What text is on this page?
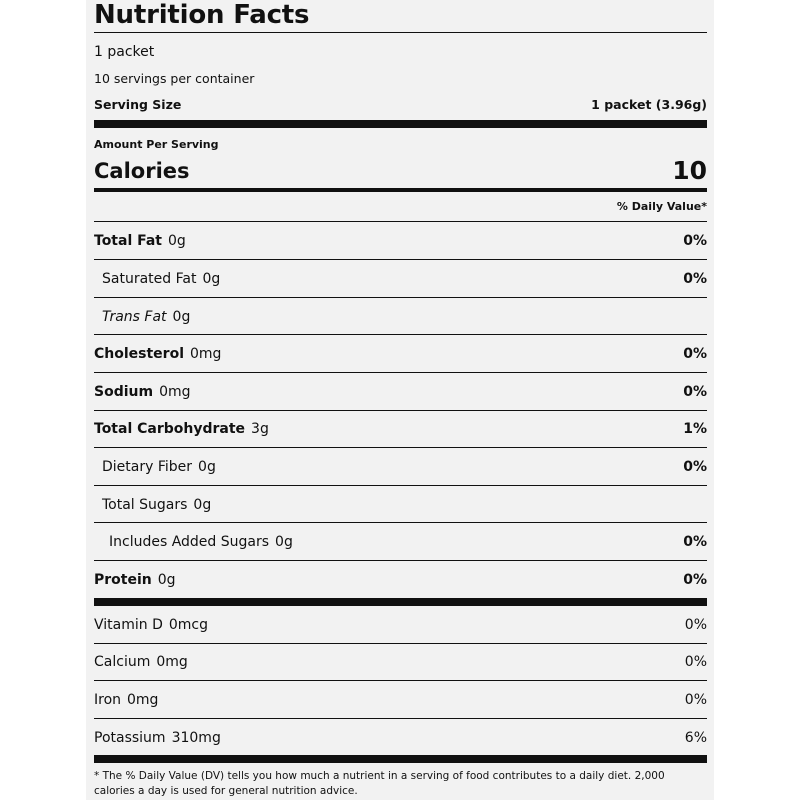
Nutrition Facts
1 packet
10 servings per container
Serving Size	1 packet (3.96g)
Amount Per Serving
Calories	10
% Daily Value*
Total Fat 0g	0%
Saturated Fat 0g	0%
Trans Fat 0g
Cholesterol 0mg	0%
Sodium 0mg	0%
Total Carbohydrate 3g	1%
Dietary Fiber 0g	0%
Total Sugars 0g
Includes Added Sugars 0g	0%
Protein 0g	0%
Vitamin D 0mcg	0%
Calcium 0mg	0%
Iron 0mg	0%
Potassium 310mg	6%
* The % Daily Value (DV) tells you how much a nutrient in a serving of food contributes to a daily diet. 2,000 calories a day is used for general nutrition advice.
